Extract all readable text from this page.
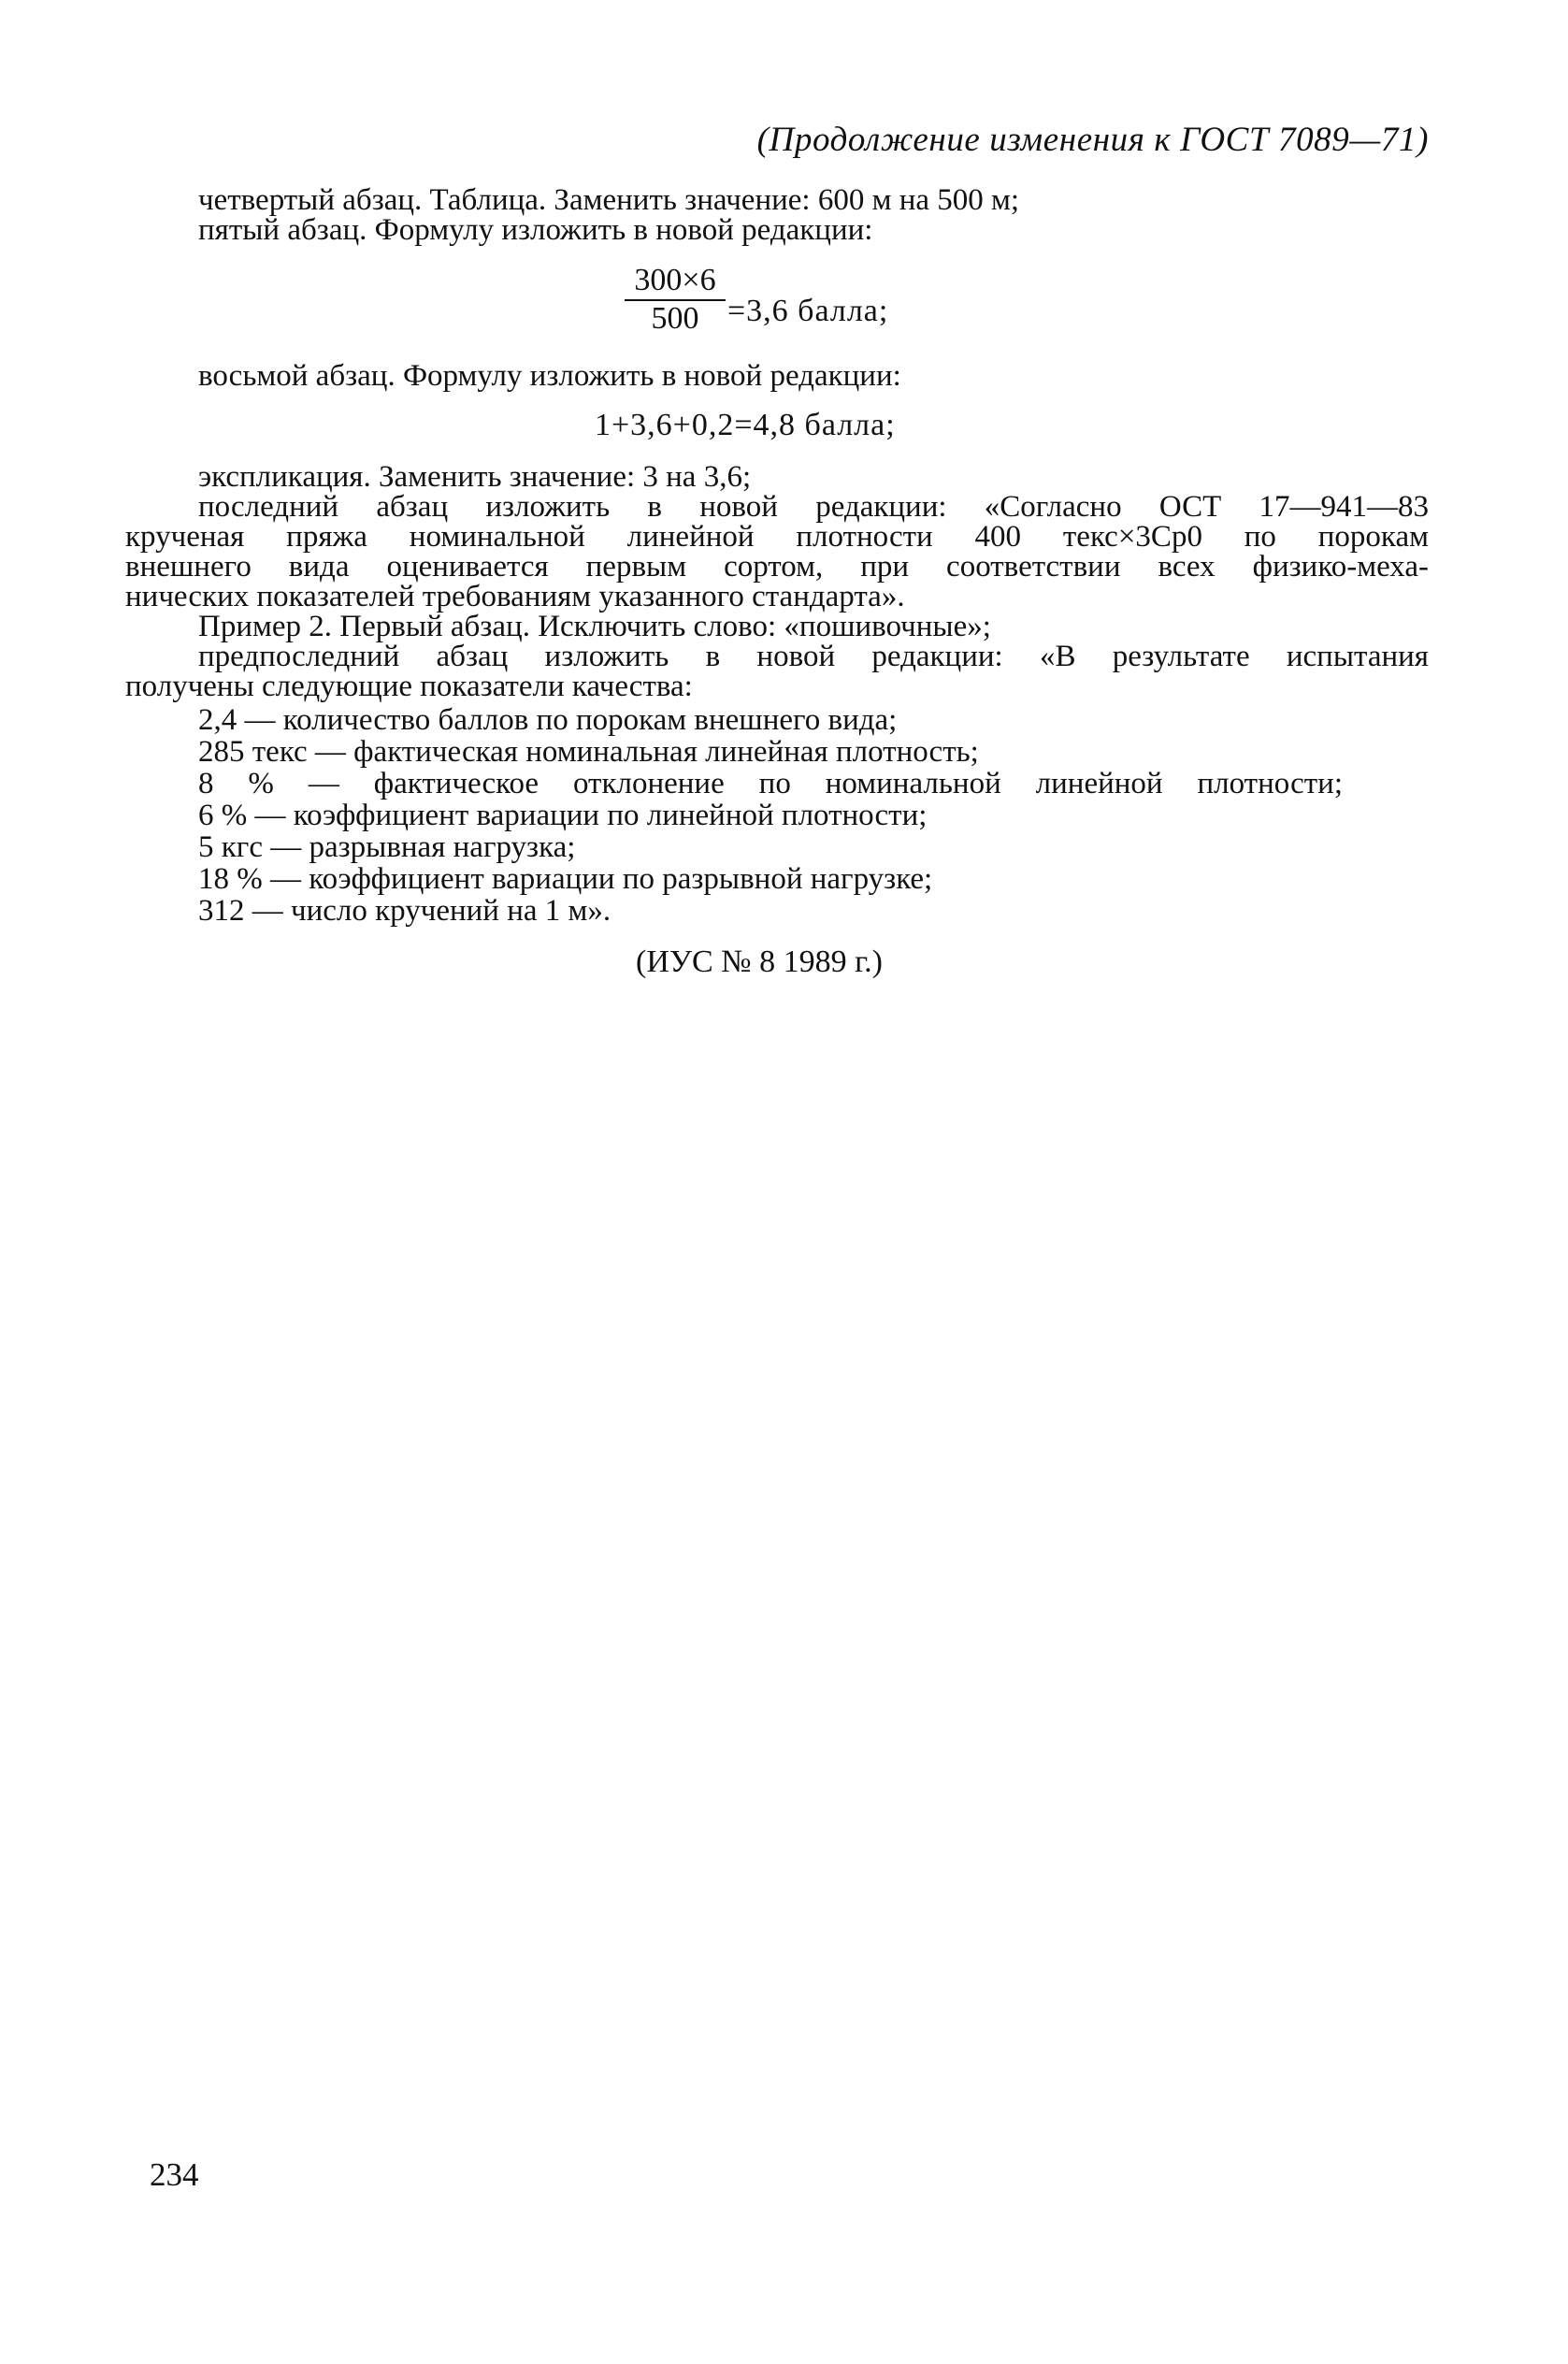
(Продолжение изменения к ГОСТ 7089—71)
четвертый абзац. Таблица. Заменить значение: 600 м на 500 м;
пятый абзац. Формулу изложить в новой редакции:
300×6
500 =3,6 балла;
восьмой абзац. Формулу изложить в новой редакции:
1+3,6+0,2=4,8 балла;
экспликация. Заменить значение: 3 на 3,6;
последний абзац изложить в новой редакции: «Согласно ОСТ 17—941—83
крученая пряжа номинальной линейной плотности 400 текс×3Ср0 по порокам
внешнего вида оценивается первым сортом, при соответствии всех физико-меха-
нических показателей требованиям указанного стандарта».
Пример 2. Первый абзац. Исключить слово: «пошивочные»;
предпоследний абзац изложить в новой редакции: «В результате испытания
получены следующие показатели качества:
2,4 — количество баллов по порокам внешнего вида;
285 текс — фактическая номинальная линейная плотность;
8 % — фактическое отклонение по номинальной линейной плотности;
6 % — коэффициент вариации по линейной плотности;
5 кгс — разрывная нагрузка;
18 % — коэффициент вариации по разрывной нагрузке;
312 — число кручений на 1 м».
(ИУС № 8 1989 г.)
234
